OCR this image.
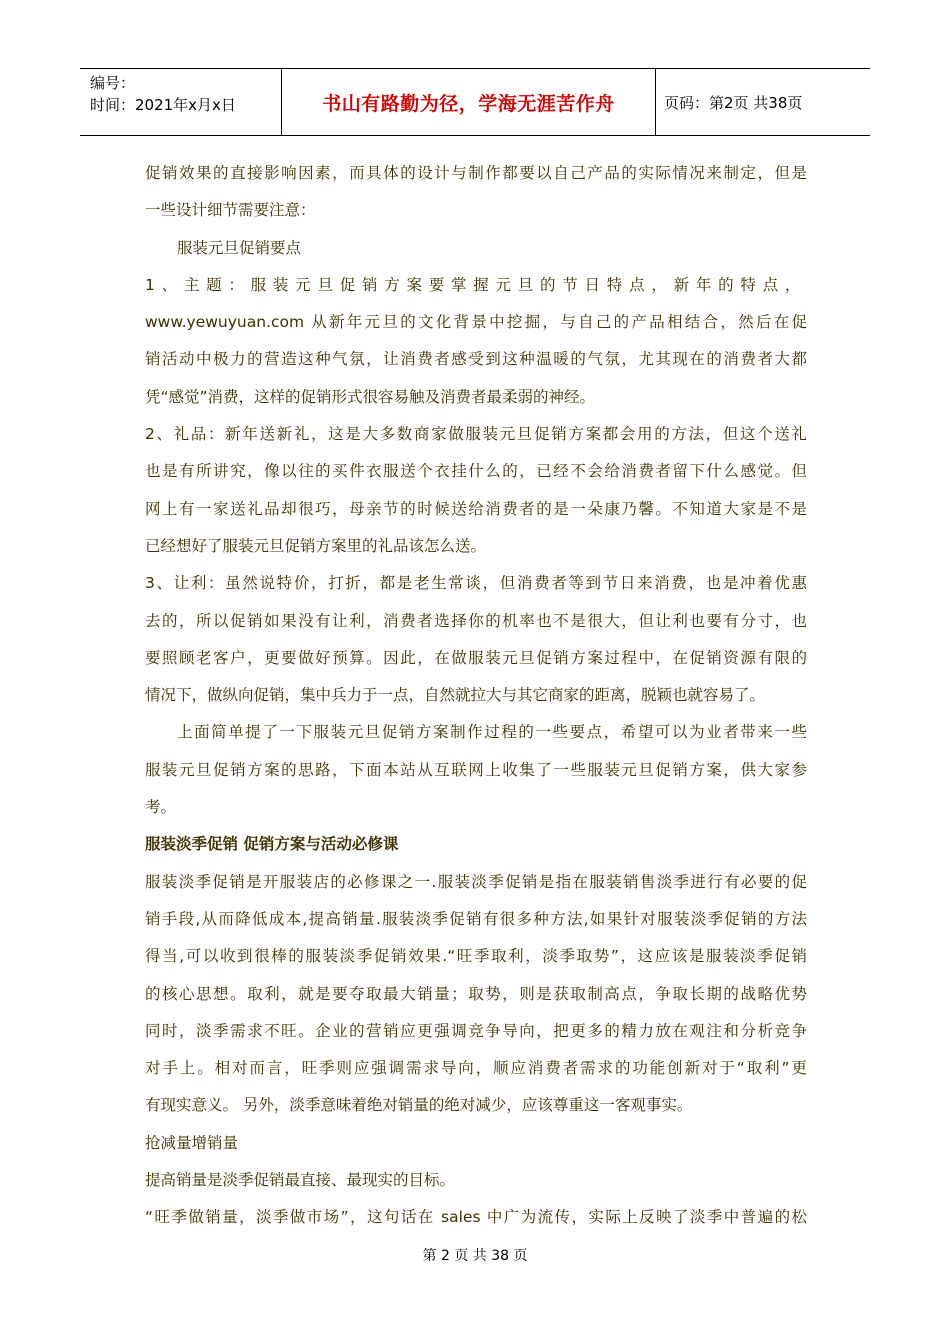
编号：
时间：2021年x月x日	书山有路勤为径，学海无涯苦作舟	页码：第2页 共38页
促销效果的直接影响因素，而具体的设计与制作都要以自己产品的实际情况来制定，但是
一些设计细节需要注意：
服装元旦促销要点
1、主题：服装元旦促销方案要掌握元旦的节日特点，新年的特点，
www.yewuyuan.com 从新年元旦的文化背景中挖掘，与自己的产品相结合，然后在促
销活动中极力的营造这种气氛，让消费者感受到这种温暖的气氛，尤其现在的消费者大都
凭“感觉”消费，这样的促销形式很容易触及消费者最柔弱的神经。
2、礼品：新年送新礼，这是大多数商家做服装元旦促销方案都会用的方法，但这个送礼
也是有所讲究，像以往的买件衣服送个衣挂什么的，已经不会给消费者留下什么感觉。但
网上有一家送礼品却很巧，母亲节的时候送给消费者的是一朵康乃馨。不知道大家是不是
已经想好了服装元旦促销方案里的礼品该怎么送。
3、让利：虽然说特价，打折，都是老生常谈，但消费者等到节日来消费，也是冲着优惠
去的，所以促销如果没有让利，消费者选择你的机率也不是很大，但让利也要有分寸，也
要照顾老客户，更要做好预算。因此，在做服装元旦促销方案过程中，在促销资源有限的
情况下，做纵向促销，集中兵力于一点，自然就拉大与其它商家的距离，脱颖也就容易了。
上面简单提了一下服装元旦促销方案制作过程的一些要点，希望可以为业者带来一些
服装元旦促销方案的思路，下面本站从互联网上收集了一些服装元旦促销方案，供大家参
考。
服装淡季促销 促销方案与活动必修课
服装淡季促销是开服装店的必修课之一.服装淡季促销是指在服装销售淡季进行有必要的促
销手段,从而降低成本,提高销量.服装淡季促销有很多种方法,如果针对服装淡季促销的方法
得当,可以收到很棒的服装淡季促销效果.“旺季取利，淡季取势”，这应该是服装淡季促销
的核心思想。取利，就是要夺取最大销量；取势，则是获取制高点，争取长期的战略优势
同时，淡季需求不旺。企业的营销应更强调竞争导向，把更多的精力放在观注和分析竞争
对手上。相对而言，旺季则应强调需求导向，顺应消费者需求的功能创新对于“取利”更
有现实意义。 另外，淡季意味着绝对销量的绝对减少，应该尊重这一客观事实。
抢减量增销量
提高销量是淡季促销最直接、最现实的目标。
“旺季做销量，淡季做市场”，这句话在 sales 中广为流传，实际上反映了淡季中普遍的松
第 2 页 共 38 页
